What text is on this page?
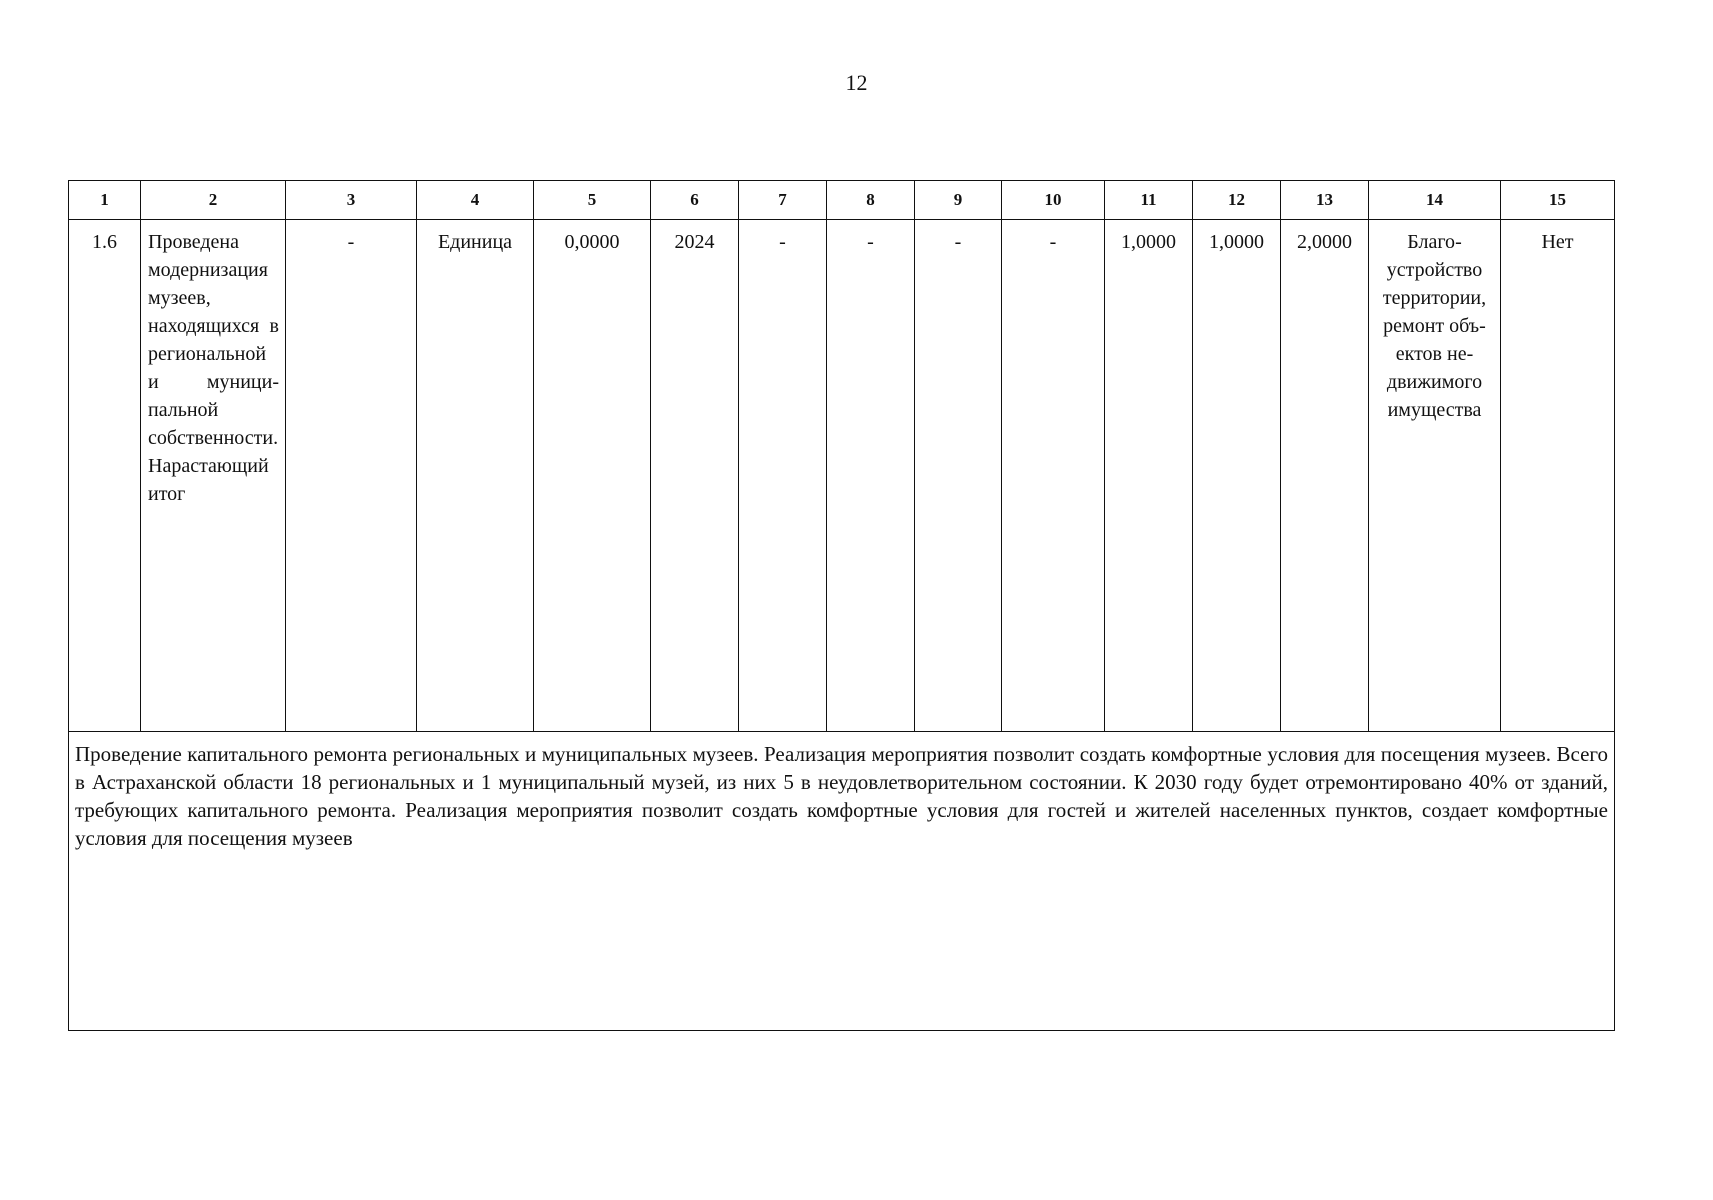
12
1	2	3	4	5	6	7	8	9	10	11	12	13	14	15
1.6	Проведена модернизация музеев, находящихся в региональной и муниципальной собственности. Нарастающий итог	-	Единица	0,0000	2024	-	-	-	-	1,0000	1,0000	2,0000	Благоустройство территории, ремонт объектов недвижимого имущества	Нет
Проведение капитального ремонта региональных и муниципальных музеев. Реализация мероприятия позволит создать комфортные условия для посещения музеев. Всего в Астраханской области 18 региональных и 1 муниципальный музей, из них 5 в неудовлетворительном состоянии. К 2030 году будет отремонтировано 40% от зданий, требующих капитального ремонта. Реализация мероприятия позволит создать комфортные условия для гостей и жителей населенных пунктов, создает комфортные условия для посещения музеев														
